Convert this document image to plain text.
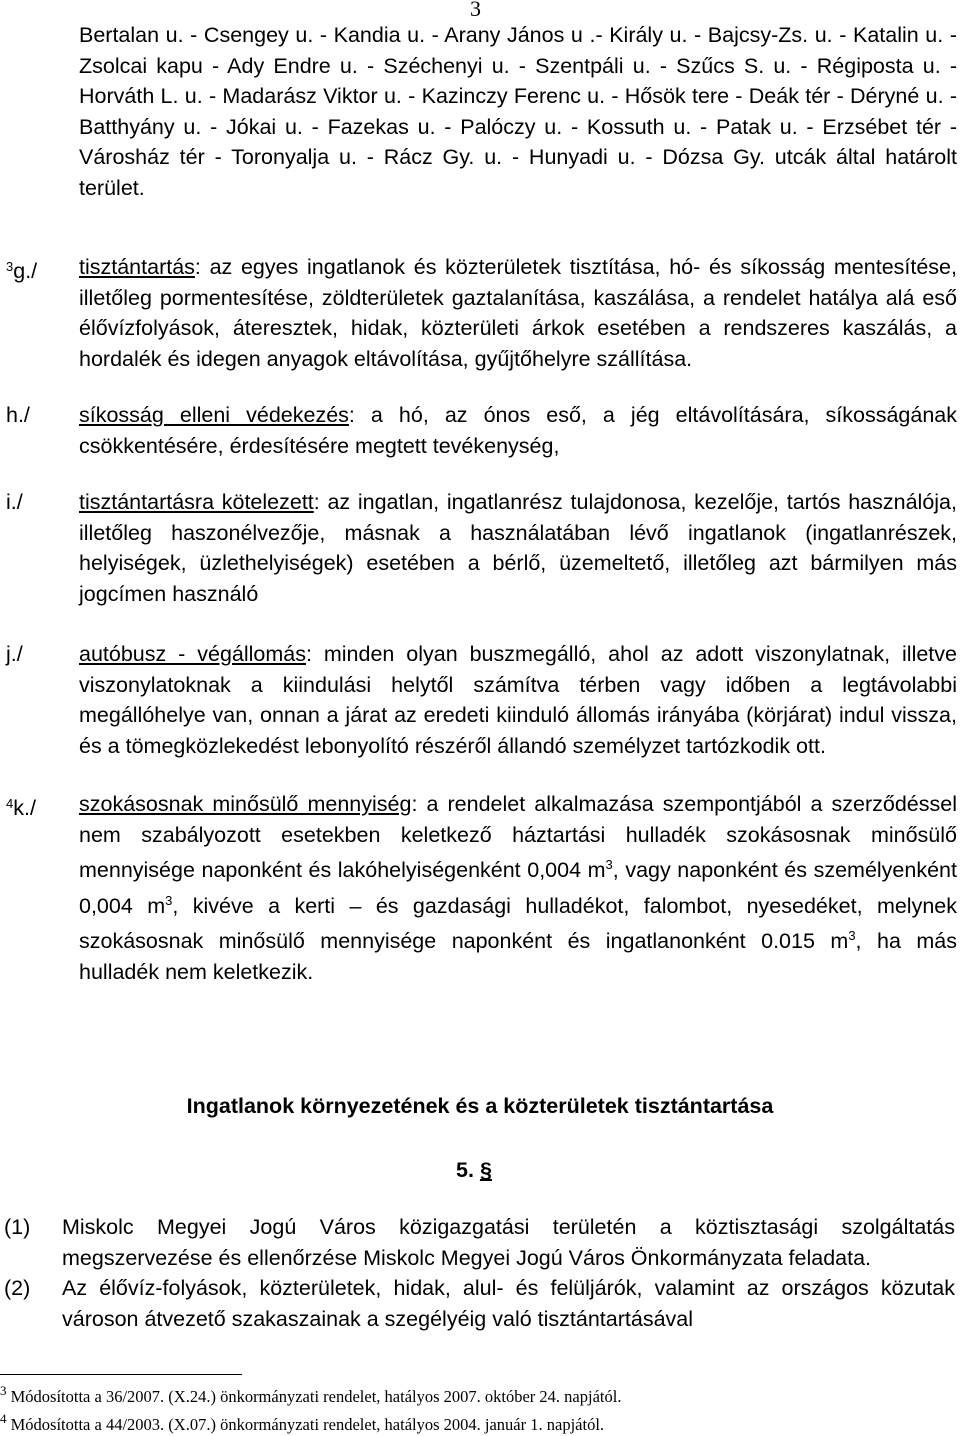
3
Bertalan u. - Csengey u. - Kandia u. - Arany János u .- Király u. - Bajcsy-Zs. u. - Katalin u. - Zsolcai kapu - Ady Endre u. - Széchenyi u. - Szentpáli u. - Szűcs S. u. - Régiposta u. - Horváth L. u. - Madarász Viktor u. - Kazinczy Ferenc u. - Hősök tere - Deák tér - Déryné u. - Batthyány u. - Jókai u. - Fazekas u. - Palóczy u. - Kossuth u. - Patak u. - Erzsébet tér - Városház tér - Toronyalja u. - Rácz Gy. u. - Hunyadi u. - Dózsa Gy. utcák által határolt terület.
$^3$g./	tisztántartás: az egyes ingatlanok és közterületek tisztítása, hó- és síkosság mentesítése, illetőleg pormentesítése, zöldterületek gaztalanítása, kaszálása, a rendelet hatálya alá eső élővízfolyások, áteresztek, hidak, közterületi árkok esetében a rendszeres kaszálás, a hordalék és idegen anyagok eltávolítása, gyűjtőhelyre szállítása.
h./	síkosság elleni védekezés: a hó, az ónos eső, a jég eltávolítására, síkosságának csökkentésére, érdesítésére megtett tevékenység,
i./	tisztántartásra kötelezett: az ingatlan, ingatlanrész tulajdonosa, kezelője, tartós használója, illetőleg haszonélvezője, másnak a használatában lévő ingatlanok (ingatlanrészek, helyiségek, üzlethelyiségek) esetében a bérlő, üzemeltető, illetőleg azt bármilyen más jogcímen használó
j./	autóbusz - végállomás: minden olyan buszmegálló, ahol az adott viszonylatnak, illetve viszonylatoknak a kiindulási helytől számítva térben vagy időben a legtávolabbi megállóhelye van, onnan a járat az eredeti kiinduló állomás irányába (körjárat) indul vissza, és a tömegközlekedést lebonyolító részéről állandó személyzet tartózkodik ott.
$^4$k./	szokásosnak minősülő mennyiség: a rendelet alkalmazása szempontjából a szerződéssel nem szabályozott esetekben keletkező háztartási hulladék szokásosnak minősülő mennyisége naponként és lakóhelyiségenként 0,004 $m^3$, vagy naponként és személyenként 0,004 $m^3$, kivéve a kerti – és gazdasági hulladékot, falombot, nyesedéket, melynek szokásosnak minősülő mennyisége naponként és ingatlanonként 0.015 $m^3$, ha más hulladék nem keletkezik.
Ingatlanok környezetének és a közterületek tisztántartása
5. §
(1)	Miskolc Megyei Jogú Város közigazgatási területén a köztisztasági szolgáltatás megszervezése és ellenőrzése Miskolc Megyei Jogú Város Önkormányzata feladata.
(2)	Az élővíz-folyások, közterületek, hidak, alul- és felüljárók, valamint az országos közutak városon átvezető szakaszainak a szegélyéig való tisztántartásával
$^3$ Módosította a 36/2007. (X.24.) önkormányzati rendelet, hatályos 2007. október 24. napjától.
$^4$ Módosította a 44/2003. (X.07.) önkormányzati rendelet, hatályos 2004. január 1. napjától.
